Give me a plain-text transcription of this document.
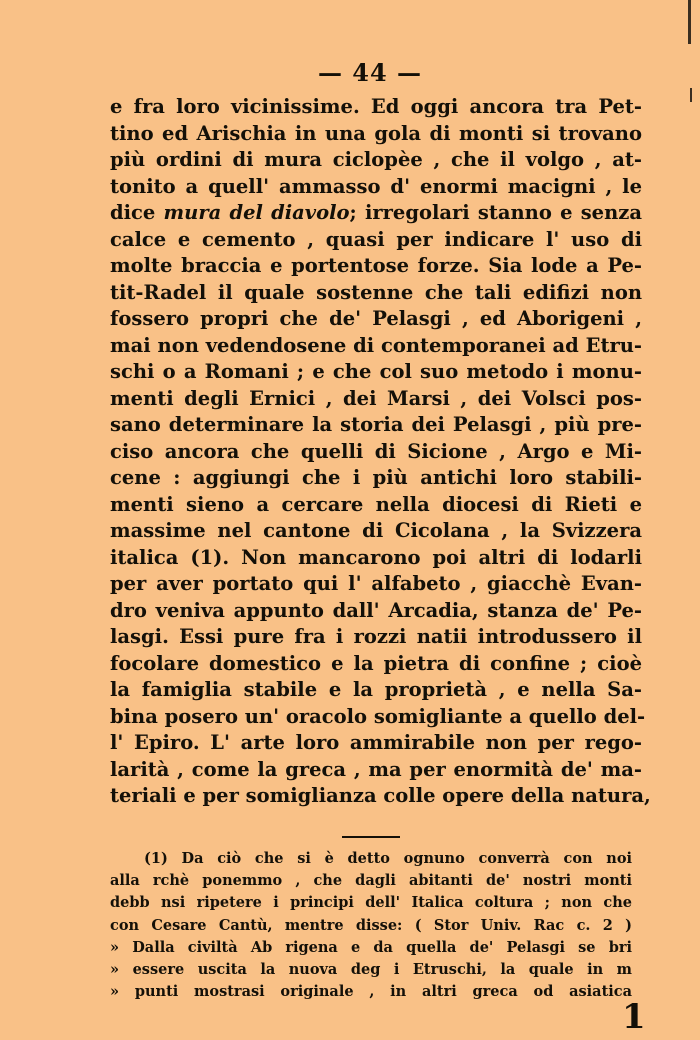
— 44 —
e fra loro vicinissime. Ed oggi ancora tra Pet-
tino ed Arischia in una gola di monti si trovano
più ordini di mura ciclopèe , che il volgo , at-
tonito a quell' ammasso d' enormi macigni , le
dice mura del diavolo; irregolari stanno e senza
calce e cemento , quasi per indicare l' uso di
molte braccia e portentose forze. Sia lode a Pe-
tit-Radel il quale sostenne che tali edifizi non
fossero propri che de' Pelasgi , ed Aborigeni ,
mai non vedendosene di contemporanei ad Etru-
schi o a Romani ; e che col suo metodo i monu-
menti degli Ernici , dei Marsi , dei Volsci pos-
sano determinare la storia dei Pelasgi , più pre-
ciso ancora che quelli di Sicione , Argo e Mi-
cene : aggiungi che i più antichi loro stabili-
menti sieno a cercare nella diocesi di Rieti e
massime nel cantone di Cicolana , la Svizzera
italica (1). Non mancarono poi altri di lodarli
per aver portato qui l' alfabeto , giacchè Evan-
dro veniva appunto dall' Arcadia, stanza de' Pe-
lasgi. Essi pure fra i rozzi natii introdussero il
focolare domestico e la pietra di confine ; cioè
la famiglia stabile e la proprietà , e nella Sa-
bina posero un' oracolo somigliante a quello del-
l' Epiro. L' arte loro ammirabile non per rego-
larità , come la greca , ma per enormità de' ma-
teriali e per somiglianza colle opere della natura,
(1) Da ciò che si è detto ognuno converrà con noi
alla rchè ponemmo , che dagli abitanti de' nostri monti
debb nsi ripetere i principi dell' Italica coltura ; non che
con Cesare Cantù, mentre disse: ( Stor Univ. Rac c. 2 )
» Dalla civiltà Ab rigena e da quella de' Pelasgi se bri
» essere uscita la nuova deg i Etruschi, la quale in m
» punti mostrasi originale , in altri greca od asiatica
1
